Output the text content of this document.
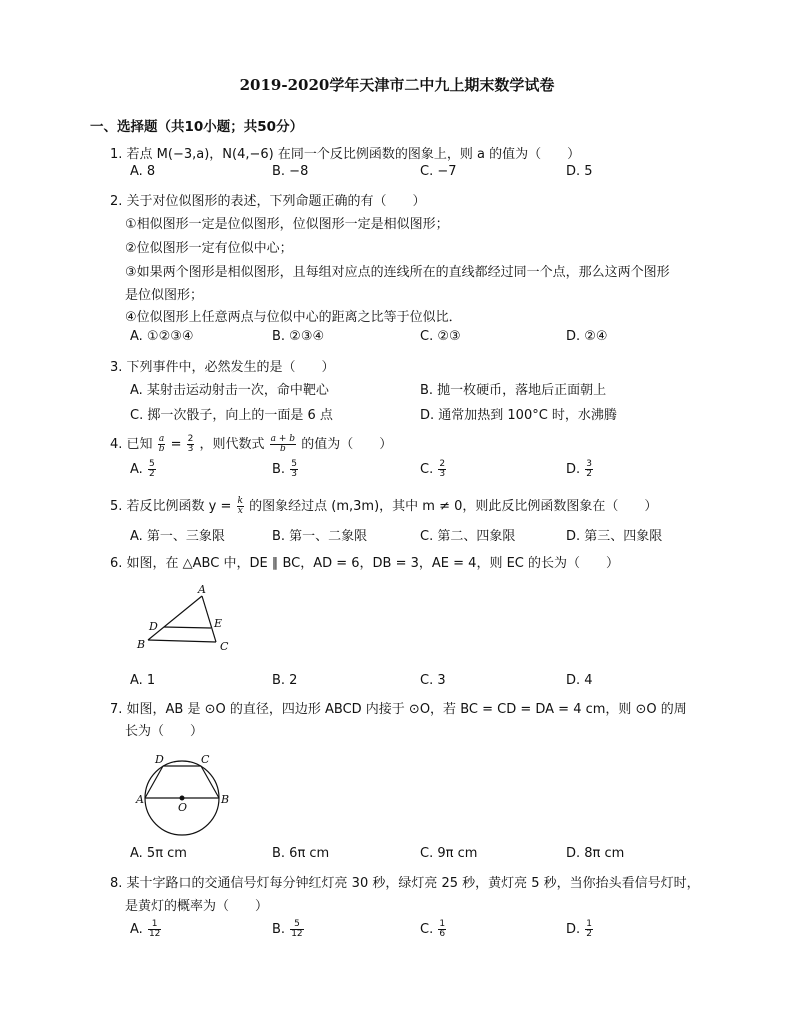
2019-2020学年天津市二中九上期末数学试卷
一、选择题（共10小题；共50分）
1. 若点 M(−3,a)，N(4,−6) 在同一个反比例函数的图象上，则 a 的值为（　　）
A. 8	B. −8	C. −7	D. 5
2. 关于对位似图形的表述，下列命题正确的有（　　）
①相似图形一定是位似图形，位似图形一定是相似图形；
②位似图形一定有位似中心；
③如果两个图形是相似图形，且每组对应点的连线所在的直线都经过同一个点，那么这两个图形
是位似图形；
④位似图形上任意两点与位似中心的距离之比等于位似比．
A. ①②③④	B. ②③④	C. ②③	D. ②④
3. 下列事件中，必然发生的是（　　）
A. 某射击运动射击一次，命中靶心	B. 抛一枚硬币，落地后正面朝上
C. 掷一次骰子，向上的一面是 6 点	D. 通常加热到 100°C 时，水沸腾
4. 已知 $\frac{a}{b} = \frac{2}{3}$ ，则代数式 $\frac{a + b}{b}$ 的值为（　　）
A. $\frac{5}{2}$	B. $\frac{5}{3}$	C. $\frac{2}{3}$	D. $\frac{3}{2}$
5. 若反比例函数 $y = \frac{k}{x}$ 的图象经过点 (m,3m)，其中 m ≠ 0，则此反比例函数图象在（　　）
A. 第一、三象限	B. 第一、二象限	C. 第二、四象限	D. 第三、四象限
6. 如图，在 △ABC 中，DE ∥ BC，AD = 6，DB = 3，AE = 4，则 EC 的长为（　　）
A
D	E
B	C
A. 1	B. 2	C. 3	D. 4
7. 如图，AB 是 ⊙O 的直径，四边形 ABCD 内接于 ⊙O，若 BC = CD = DA = 4 cm，则 ⊙O 的周
长为（　　）
D	C
A
O
B
A. 5π cm	B. 6π cm	C. 9π cm	D. 8π cm
8. 某十字路口的交通信号灯每分钟红灯亮 30 秒，绿灯亮 25 秒，黄灯亮 5 秒，当你抬头看信号灯时，
是黄灯的概率为（　　）
A. $\frac{1}{12}$	B. $\frac{5}{12}$	C. $\frac{1}{6}$	D. $\frac{1}{2}$
